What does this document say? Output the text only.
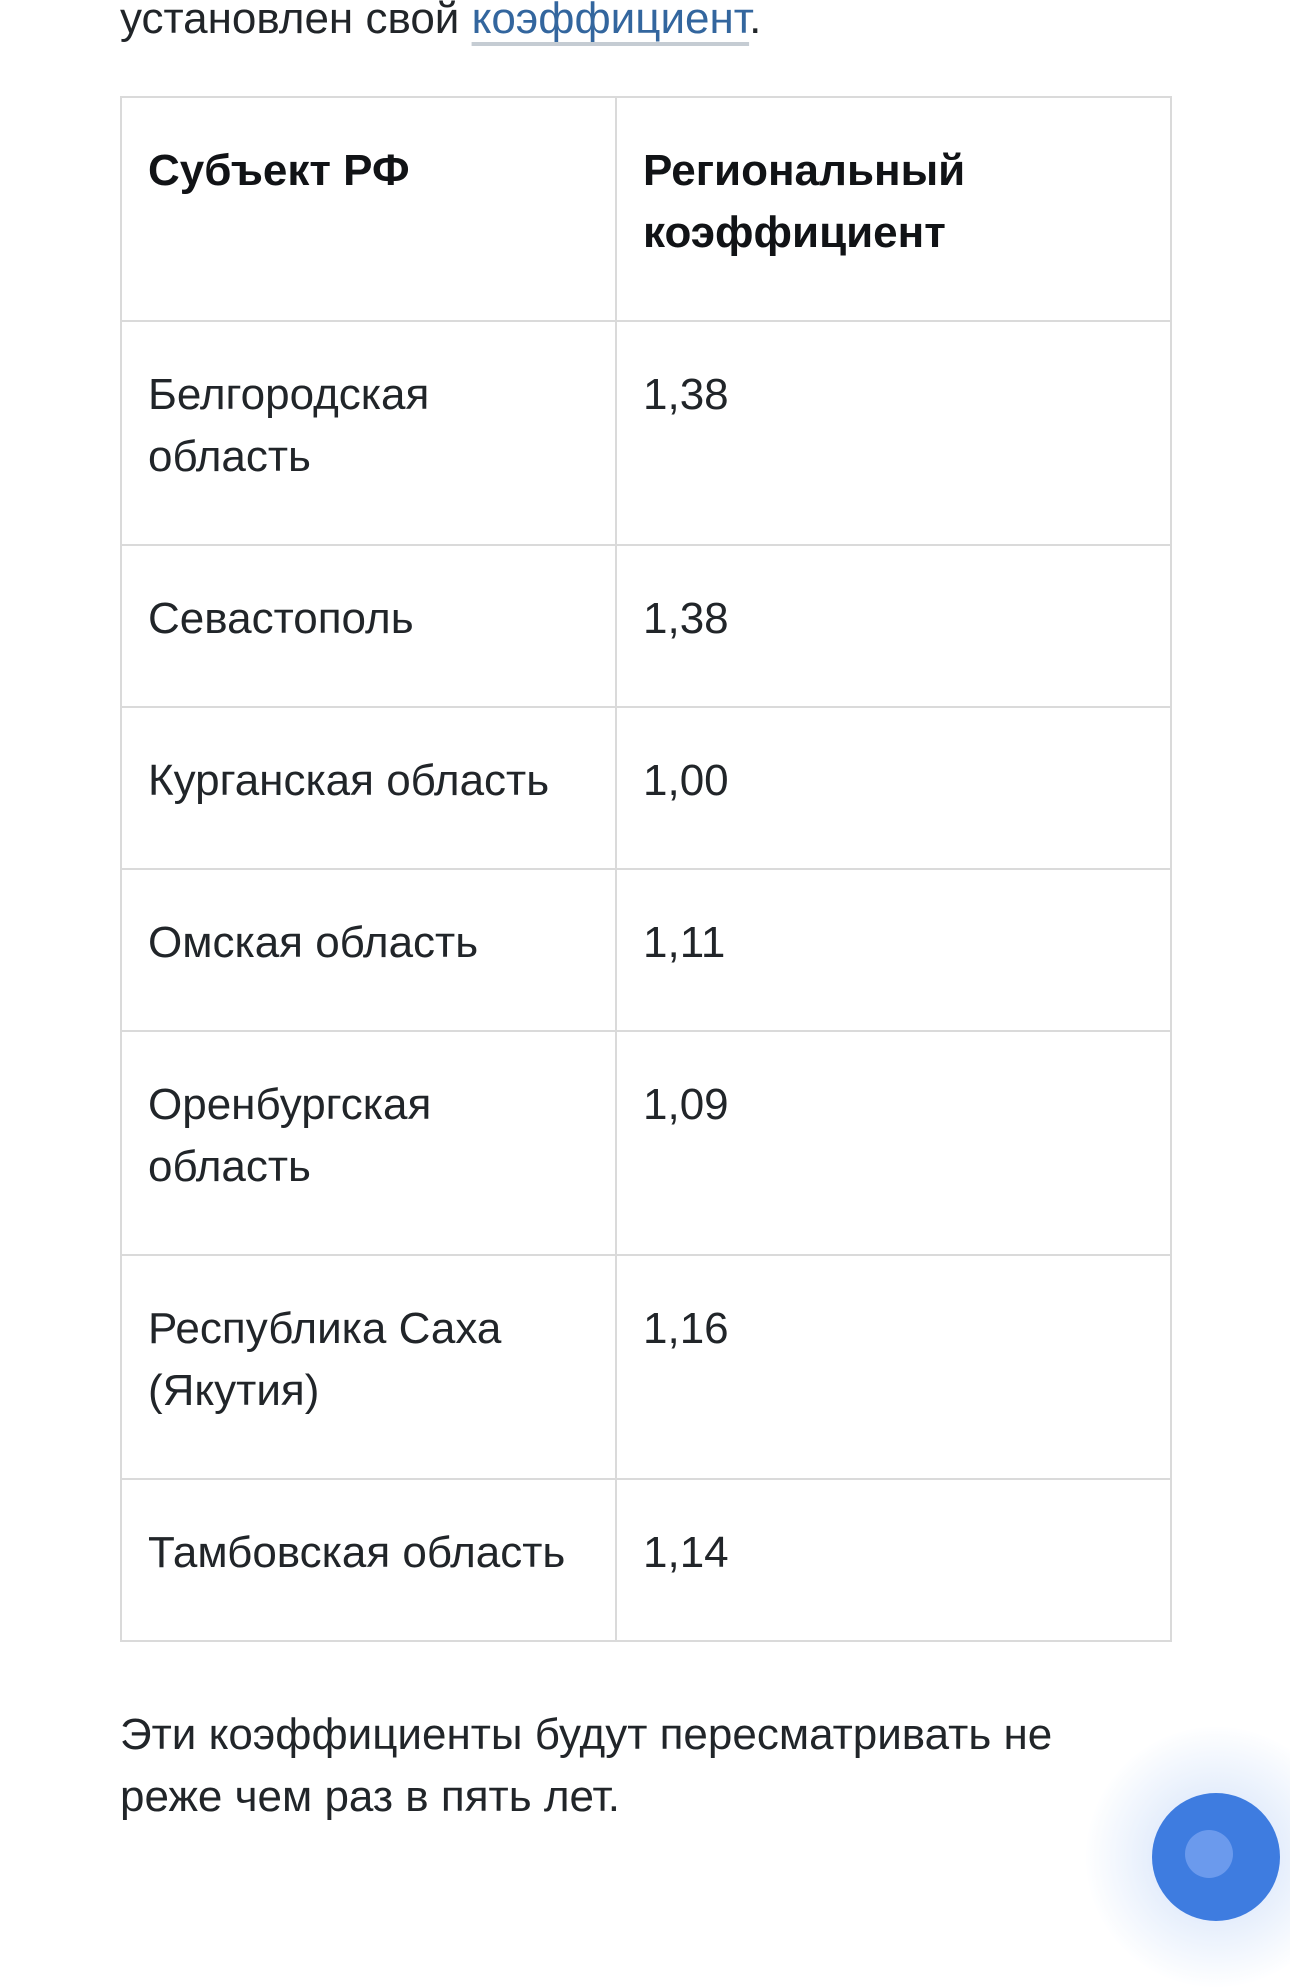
установлен свой коэффициент.

Субъект РФ	Региональный коэффициент
Белгородская область	1,38
Севастополь	1,38
Курганская область	1,00
Омская область	1,11
Оренбургская область	1,09
Республика Саха (Якутия)	1,16
Тамбовская область	1,14

Эти коэффициенты будут пересматривать не реже чем раз в пять лет.
